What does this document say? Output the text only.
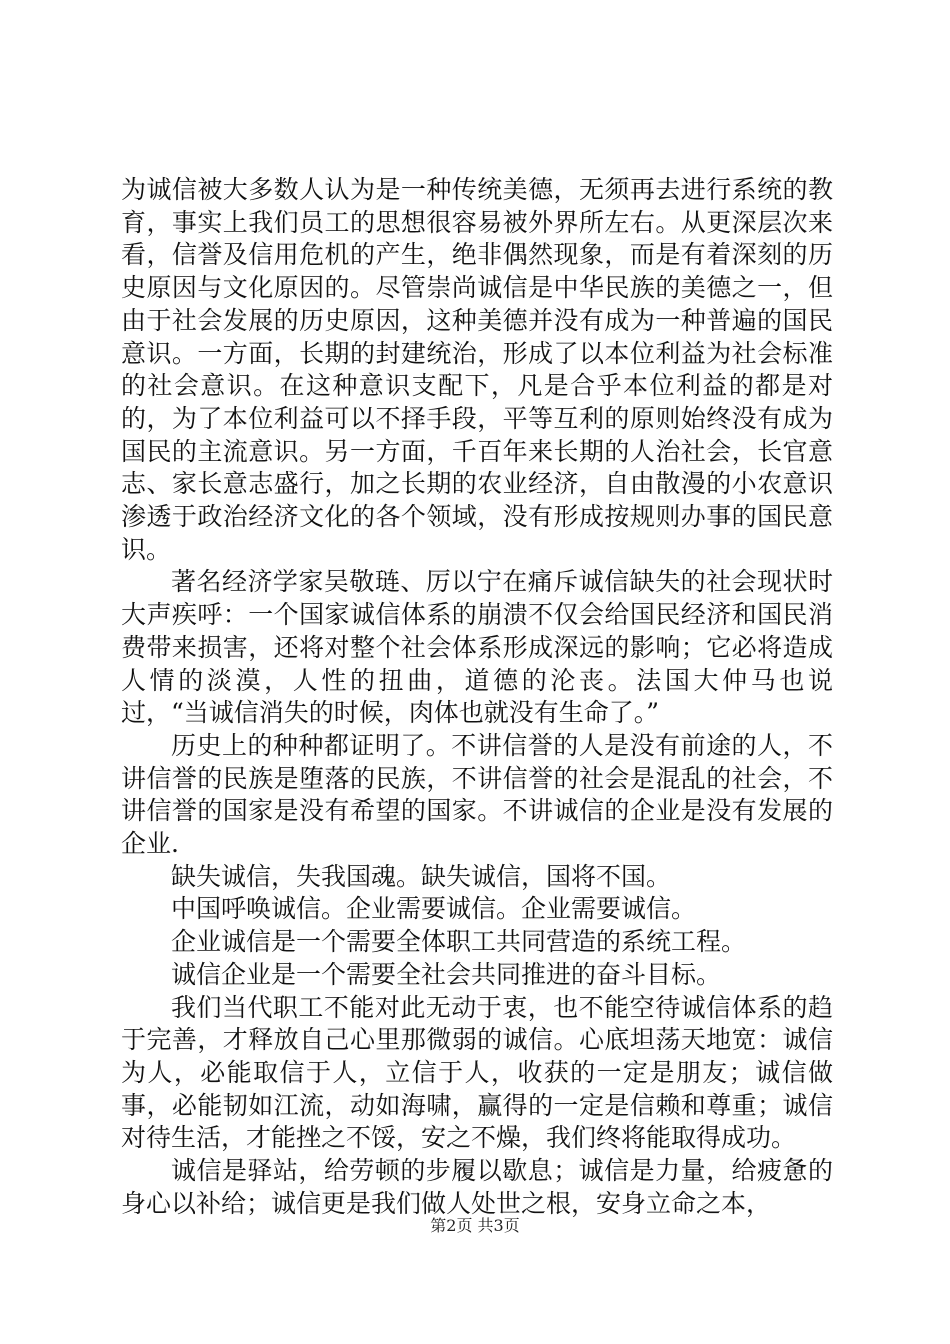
为诚信被大多数人认为是一种传统美德，无须再去进行系统的教育，事实上我们员工的思想很容易被外界所左右。从更深层次来看，信誉及信用危机的产生，绝非偶然现象，而是有着深刻的历史原因与文化原因的。尽管崇尚诚信是中华民族的美德之一，但由于社会发展的历史原因，这种美德并没有成为一种普遍的国民意识。一方面，长期的封建统治，形成了以本位利益为社会标准的社会意识。在这种意识支配下，凡是合乎本位利益的都是对的，为了本位利益可以不择手段，平等互利的原则始终没有成为国民的主流意识。另一方面，千百年来长期的人治社会，长官意志、家长意志盛行，加之长期的农业经济，自由散漫的小农意识渗透于政治经济文化的各个领域，没有形成按规则办事的国民意识。

著名经济学家吴敬琏、厉以宁在痛斥诚信缺失的社会现状时大声疾呼：一个国家诚信体系的崩溃不仅会给国民经济和国民消费带来损害，还将对整个社会体系形成深远的影响；它必将造成人情的淡漠，人性的扭曲，道德的沦丧。法国大仲马也说过，“当诚信消失的时候，肉体也就没有生命了。”

历史上的种种都证明了。不讲信誉的人是没有前途的人，不讲信誉的民族是堕落的民族，不讲信誉的社会是混乱的社会，不讲信誉的国家是没有希望的国家。不讲诚信的企业是没有发展的企业.

缺失诚信，失我国魂。缺失诚信，国将不国。

中国呼唤诚信。企业需要诚信。企业需要诚信。

企业诚信是一个需要全体职工共同营造的系统工程。

诚信企业是一个需要全社会共同推进的奋斗目标。

我们当代职工不能对此无动于衷，也不能空待诚信体系的趋于完善，才释放自己心里那微弱的诚信。心底坦荡天地宽：诚信为人，必能取信于人，立信于人，收获的一定是朋友；诚信做事，必能韧如江流，动如海啸，赢得的一定是信赖和尊重；诚信对待生活，才能挫之不馁，安之不燥，我们终将能取得成功。

诚信是驿站，给劳顿的步履以歇息；诚信是力量，给疲惫的身心以补给；诚信更是我们做人处世之根，安身立命之本，

第2页 共3页
